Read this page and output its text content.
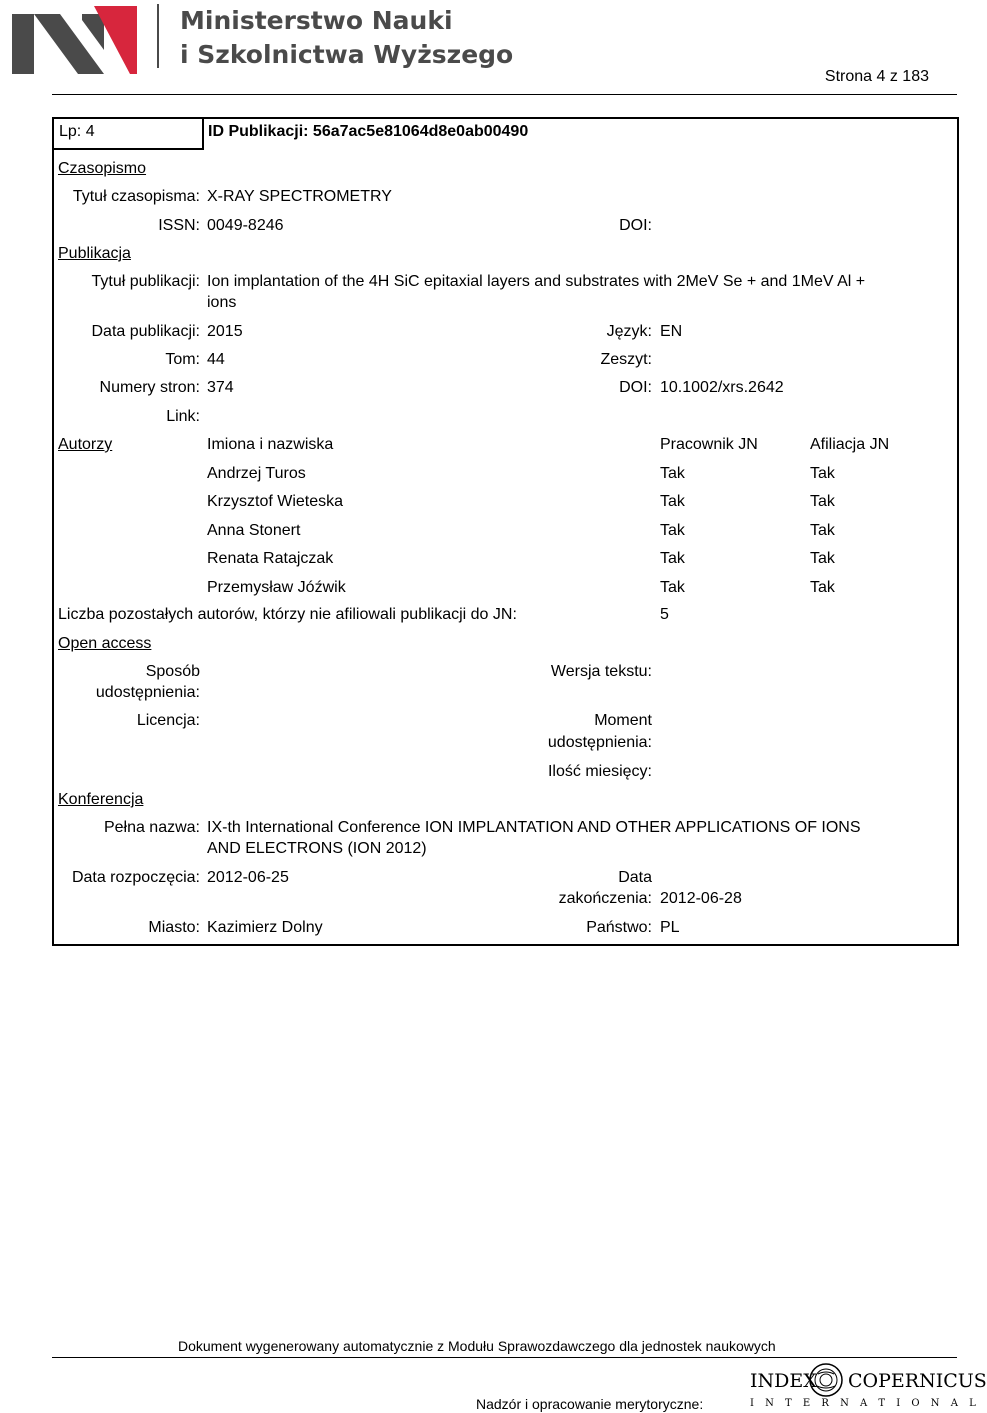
Ministerstwo Nauki
i Szkolnictwa Wyższego
Strona 4 z 183
Lp: 4	ID Publikacji: 56a7ac5e81064d8e0ab00490
Czasopismo
Tytuł czasopisma: X-RAY SPECTROMETRY
ISSN: 0049-8246	DOI:
Publikacja
Tytuł publikacji: Ion implantation of the 4H SiC epitaxial layers and substrates with 2MeV Se + and 1MeV Al +
ions
Data publikacji: 2015	Język: EN
Tom: 44	Zeszyt:
Numery stron: 374	DOI: 10.1002/xrs.2642
Link:
Autorzy	Imiona i nazwiska	Pracownik JN	Afiliacja JN
Andrzej Turos	Tak	Tak
Krzysztof Wieteska	Tak	Tak
Anna Stonert	Tak	Tak
Renata Ratajczak	Tak	Tak
Przemysław Jóźwik	Tak	Tak
Liczba pozostałych autorów, którzy nie afiliowali publikacji do JN:	5
Open access
Sposób
udostępnienia:
Wersja tekstu:
Licencja:	Moment
udostępnienia:
Ilość miesięcy:
Konferencja
Pełna nazwa: IX-th International Conference ION IMPLANTATION AND OTHER APPLICATIONS OF IONS
AND ELECTRONS (ION 2012)
Data rozpoczęcia: 2012-06-25	Data
zakończenia: 2012-06-28
Miasto: Kazimierz Dolny	Państwo: PL
Dokument wygenerowany automatycznie z Modułu Sprawozdawczego dla jednostek naukowych
Nadzór i opracowanie merytoryczne:
INDEX COPERNICUS
I N T E R N A T I O N A L
